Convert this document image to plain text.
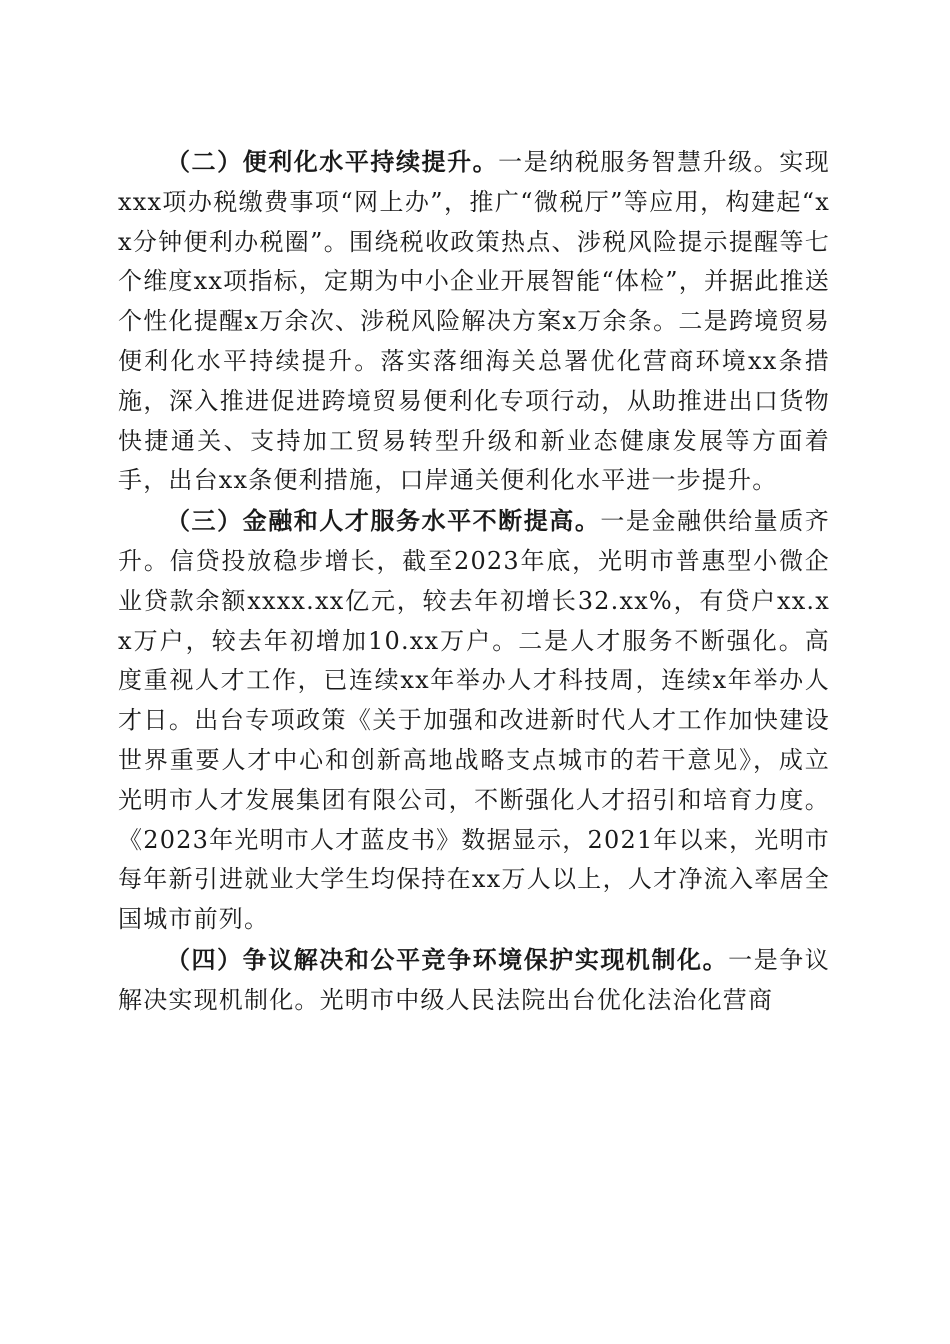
（二）便利化水平持续提升。一是纳税服务智慧升级。实现xxx项办税缴费事项“网上办”，推广“微税厅”等应用，构建起“xx分钟便利办税圈”。围绕税收政策热点、涉税风险提示提醒等七个维度xx项指标，定期为中小企业开展智能“体检”，并据此推送个性化提醒x万余次、涉税风险解决方案x万余条。二是跨境贸易便利化水平持续提升。落实落细海关总署优化营商环境xx条措施，深入推进促进跨境贸易便利化专项行动，从助推进出口货物快捷通关、支持加工贸易转型升级和新业态健康发展等方面着手，出台xx条便利措施，口岸通关便利化水平进一步提升。

（三）金融和人才服务水平不断提高。一是金融供给量质齐升。信贷投放稳步增长，截至2023年底，光明市普惠型小微企业贷款余额xxxx.xx亿元，较去年初增长32.xx%，有贷户xx.xx万户，较去年初增加10.xx万户。二是人才服务不断强化。高度重视人才工作，已连续xx年举办人才科技周，连续x年举办人才日。出台专项政策《关于加强和改进新时代人才工作加快建设世界重要人才中心和创新高地战略支点城市的若干意见》，成立光明市人才发展集团有限公司，不断强化人才招引和培育力度。《2023年光明市人才蓝皮书》数据显示，2021年以来，光明市每年新引进就业大学生均保持在xx万人以上，人才净流入率居全国城市前列。

（四）争议解决和公平竞争环境保护实现机制化。一是争议解决实现机制化。光明市中级人民法院出台优化法治化营商
